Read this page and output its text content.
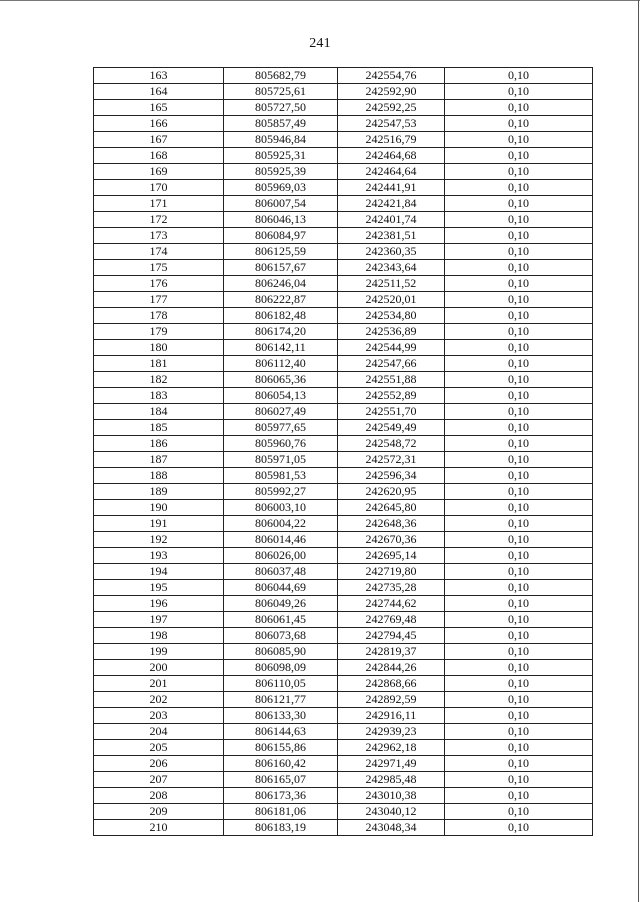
241
163	805682,79	242554,76	0,10
164	805725,61	242592,90	0,10
165	805727,50	242592,25	0,10
166	805857,49	242547,53	0,10
167	805946,84	242516,79	0,10
168	805925,31	242464,68	0,10
169	805925,39	242464,64	0,10
170	805969,03	242441,91	0,10
171	806007,54	242421,84	0,10
172	806046,13	242401,74	0,10
173	806084,97	242381,51	0,10
174	806125,59	242360,35	0,10
175	806157,67	242343,64	0,10
176	806246,04	242511,52	0,10
177	806222,87	242520,01	0,10
178	806182,48	242534,80	0,10
179	806174,20	242536,89	0,10
180	806142,11	242544,99	0,10
181	806112,40	242547,66	0,10
182	806065,36	242551,88	0,10
183	806054,13	242552,89	0,10
184	806027,49	242551,70	0,10
185	805977,65	242549,49	0,10
186	805960,76	242548,72	0,10
187	805971,05	242572,31	0,10
188	805981,53	242596,34	0,10
189	805992,27	242620,95	0,10
190	806003,10	242645,80	0,10
191	806004,22	242648,36	0,10
192	806014,46	242670,36	0,10
193	806026,00	242695,14	0,10
194	806037,48	242719,80	0,10
195	806044,69	242735,28	0,10
196	806049,26	242744,62	0,10
197	806061,45	242769,48	0,10
198	806073,68	242794,45	0,10
199	806085,90	242819,37	0,10
200	806098,09	242844,26	0,10
201	806110,05	242868,66	0,10
202	806121,77	242892,59	0,10
203	806133,30	242916,11	0,10
204	806144,63	242939,23	0,10
205	806155,86	242962,18	0,10
206	806160,42	242971,49	0,10
207	806165,07	242985,48	0,10
208	806173,36	243010,38	0,10
209	806181,06	243040,12	0,10
210	806183,19	243048,34	0,10
